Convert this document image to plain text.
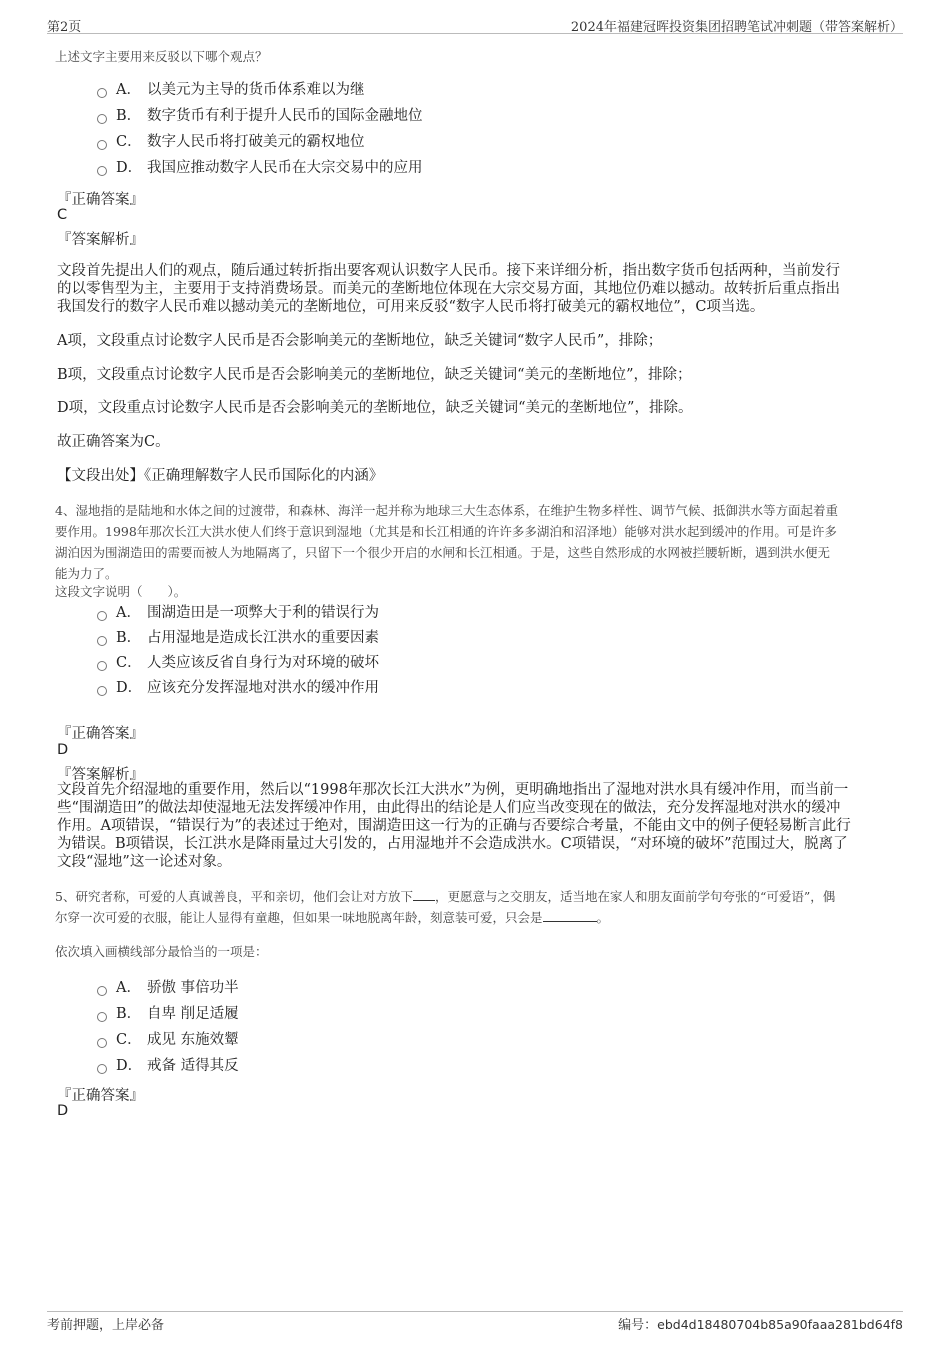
第2页	2024年福建冠晖投资集团招聘笔试冲刺题（带答案解析）
上述文字主要用来反驳以下哪个观点？
A． 以美元为主导的货币体系难以为继
B． 数字货币有利于提升人民币的国际金融地位
C． 数字人民币将打破美元的霸权地位
D． 我国应推动数字人民币在大宗交易中的应用
『正确答案』
C
『答案解析』
文段首先提出人们的观点，随后通过转折指出要客观认识数字人民币。接下来详细分析，指出数字货币包括两种，当前发行
的以零售型为主，主要用于支持消费场景。而美元的垄断地位体现在大宗交易方面，其地位仍难以撼动。故转折后重点指出
我国发行的数字人民币难以撼动美元的垄断地位，可用来反驳“数字人民币将打破美元的霸权地位”，C项当选。
A项，文段重点讨论数字人民币是否会影响美元的垄断地位，缺乏关键词“数字人民币”，排除；
B项，文段重点讨论数字人民币是否会影响美元的垄断地位，缺乏关键词“美元的垄断地位”，排除；
D项，文段重点讨论数字人民币是否会影响美元的垄断地位，缺乏关键词“美元的垄断地位”，排除。
故正确答案为C。
【文段出处】《正确理解数字人民币国际化的内涵》
4、湿地指的是陆地和水体之间的过渡带，和森林、海洋一起并称为地球三大生态体系，在维护生物多样性、调节气候、抵御洪水等方面起着重
要作用。1998年那次长江大洪水使人们终于意识到湿地（尤其是和长江相通的许许多多湖泊和沼泽地）能够对洪水起到缓冲的作用。可是许多
湖泊因为围湖造田的需要而被人为地隔离了，只留下一个很少开启的水闸和长江相通。于是，这些自然形成的水网被拦腰斩断，遇到洪水便无
能为力了。
这段文字说明（　　）。
A． 围湖造田是一项弊大于利的错误行为
B． 占用湿地是造成长江洪水的重要因素
C． 人类应该反省自身行为对环境的破坏
D． 应该充分发挥湿地对洪水的缓冲作用
『正确答案』
D
『答案解析』
文段首先介绍湿地的重要作用，然后以“1998年那次长江大洪水”为例，更明确地指出了湿地对洪水具有缓冲作用，而当前一
些“围湖造田”的做法却使湿地无法发挥缓冲作用，由此得出的结论是人们应当改变现在的做法，充分发挥湿地对洪水的缓冲
作用。A项错误，“错误行为”的表述过于绝对，围湖造田这一行为的正确与否要综合考量，不能由文中的例子便轻易断言此行
为错误。B项错误，长江洪水是降雨量过大引发的，占用湿地并不会造成洪水。C项错误，“对环境的破坏”范围过大，脱离了
文段“湿地”这一论述对象。
5、研究者称，可爱的人真诚善良，平和亲切，他们会让对方放下 ，更愿意与之交朋友，适当地在家人和朋友面前学句夸张的“可爱语”，偶
尔穿一次可爱的衣服，能让人显得有童趣，但如果一味地脱离年龄，刻意装可爱，只会是	。
依次填入画横线部分最恰当的一项是：
A． 骄傲 事倍功半
B． 自卑 削足适履
C． 成见 东施效颦
D． 戒备 适得其反
『正确答案』
D
考前押题，上岸必备	编号：ebd4d18480704b85a90faaa281bd64f8
